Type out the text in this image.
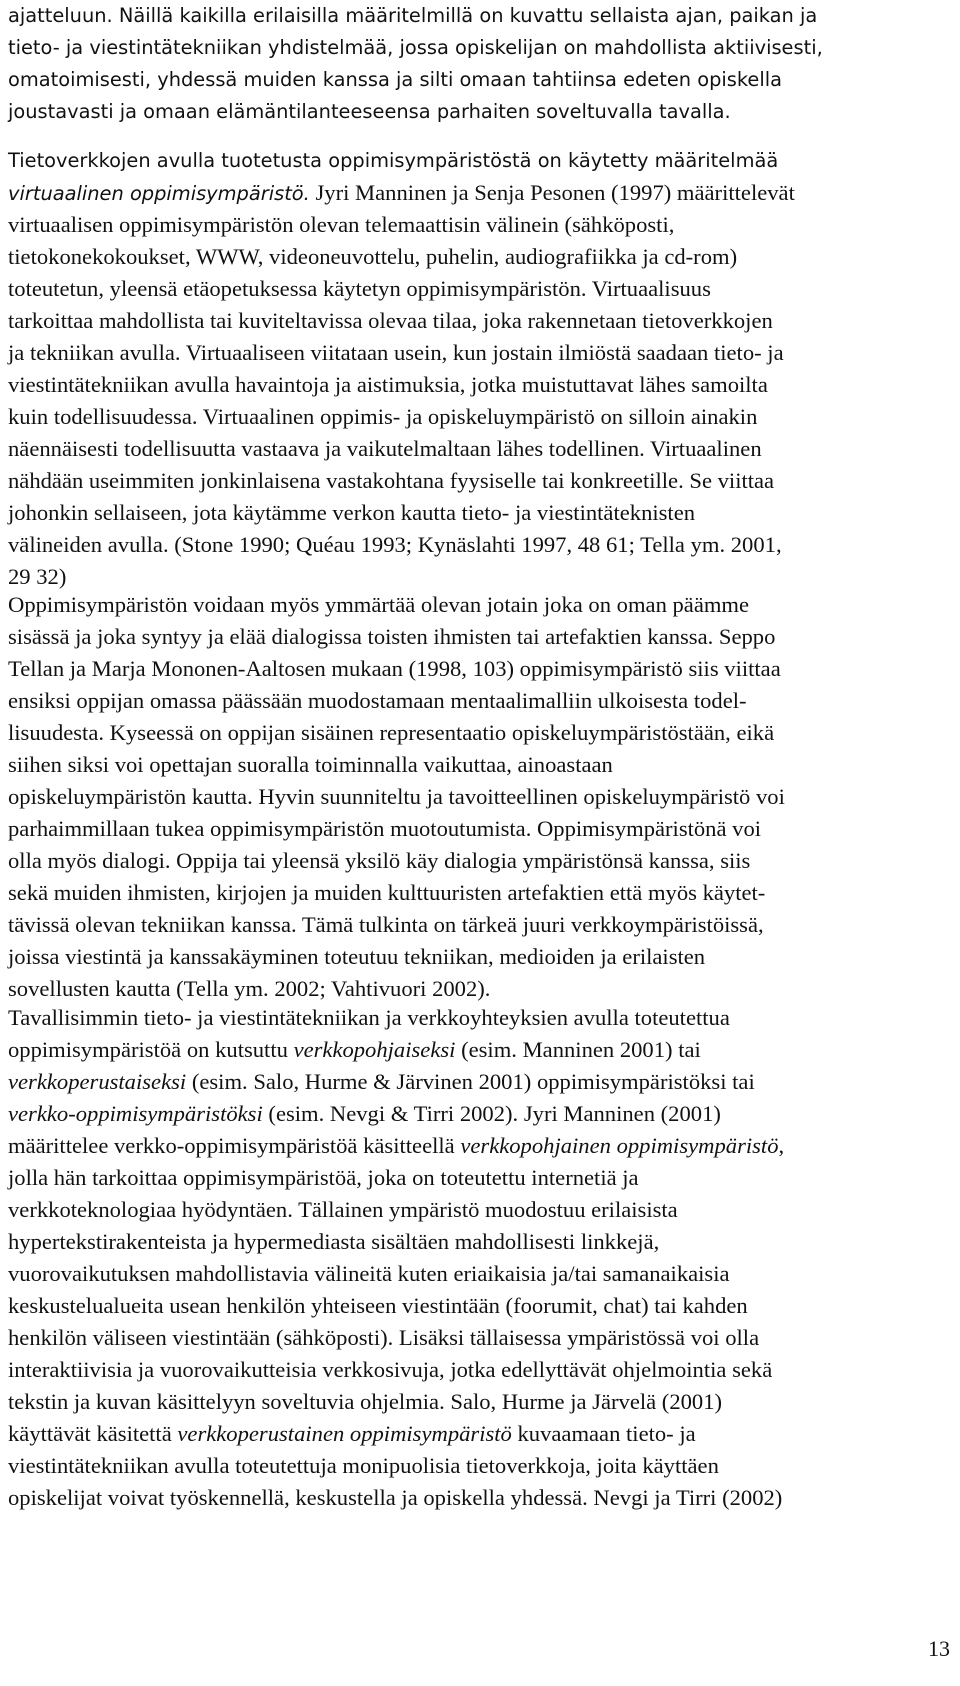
ajatteluun. Näillä kaikilla erilaisilla määritelmillä on kuvattu sellaista ajan, paikan ja
tieto- ja viestintätekniikan yhdistelmää, jossa opiskelijan on mahdollista aktiivisesti,
omatoimisesti, yhdessä muiden kanssa ja silti omaan tahtiinsa edeten opiskella
joustavasti ja omaan elämäntilanteeseensa parhaiten soveltuvalla tavalla.
Tietoverkkojen avulla tuotetusta oppimisympäristöstä on käytetty määritelmää
virtuaalinen oppimisympäristö. Jyri Manninen ja Senja Pesonen (1997) määrittelevät
virtuaalisen oppimisympäristön olevan telemaattisin välinein (sähköposti,
tietokonekokoukset, WWW, videoneuvottelu, puhelin, audiografiikka ja cd-rom)
toteutetun, yleensä etäopetuksessa käytetyn oppimisympäristön. Virtuaalisuus
tarkoittaa mahdollista tai kuviteltavissa olevaa tilaa, joka rakennetaan tietoverkkojen
ja tekniikan avulla. Virtuaaliseen viitataan usein, kun jostain ilmiöstä saadaan tieto- ja
viestintätekniikan avulla havaintoja ja aistimuksia, jotka muistuttavat lähes samoilta
kuin todellisuudessa. Virtuaalinen oppimis- ja opiskeluympäristö on silloin ainakin
näennäisesti todellisuutta vastaava ja vaikutelmaltaan lähes todellinen. Virtuaalinen
nähdään useimmiten jonkinlaisena vastakohtana fyysiselle tai konkreetille. Se viittaa
johonkin sellaiseen, jota käytämme verkon kautta tieto- ja viestintäteknisten
välineiden avulla. (Stone 1990; Quéau 1993; Kynäslahti 1997, 48 61; Tella ym. 2001,
29 32)
Oppimisympäristön voidaan myös ymmärtää olevan jotain joka on oman päämme
sisässä ja joka syntyy ja elää dialogissa toisten ihmisten tai artefaktien kanssa. Seppo
Tellan ja Marja Mononen-Aaltosen mukaan (1998, 103) oppimisympäristö siis viittaa
ensiksi oppijan omassa päässään muodostamaan mentaalimalliin ulkoisesta todel-
lisuudesta. Kyseessä on oppijan sisäinen representaatio opiskeluympäristöstään, eikä
siihen siksi voi opettajan suoralla toiminnalla vaikuttaa, ainoastaan
opiskeluympäristön kautta. Hyvin suunniteltu ja tavoitteellinen opiskeluympäristö voi
parhaimmillaan tukea oppimisympäristön muotoutumista. Oppimisympäristönä voi
olla myös dialogi. Oppija tai yleensä yksilö käy dialogia ympäristönsä kanssa, siis
sekä muiden ihmisten, kirjojen ja muiden kulttuuristen artefaktien että myös käytet-
tävissä olevan tekniikan kanssa. Tämä tulkinta on tärkeä juuri verkkoympäristöissä,
joissa viestintä ja kanssakäyminen toteutuu tekniikan, medioiden ja erilaisten
sovellusten kautta (Tella ym. 2002; Vahtivuori 2002).
Tavallisimmin tieto- ja viestintätekniikan ja verkkoyhteyksien avulla toteutettua
oppimisympäristöä on kutsuttu verkkopohjaiseksi (esim. Manninen 2001) tai
verkkoperustaiseksi (esim. Salo, Hurme & Järvinen 2001) oppimisympäristöksi tai
verkko-oppimisympäristöksi (esim. Nevgi & Tirri 2002). Jyri Manninen (2001)
määrittelee verkko-oppimisympäristöä käsitteellä verkkopohjainen oppimisympäristö,
jolla hän tarkoittaa oppimisympäristöä, joka on toteutettu internetiä ja
verkkoteknologiaa hyödyntäen. Tällainen ympäristö muodostuu erilaisista
hypertekstirakenteista ja hypermediasta sisältäen mahdollisesti linkkejä,
vuorovaikutuksen mahdollistavia välineitä kuten eriaikaisia ja/tai samanaikaisia
keskustelualueita usean henkilön yhteiseen viestintään (foorumit, chat) tai kahden
henkilön väliseen viestintään (sähköposti). Lisäksi tällaisessa ympäristössä voi olla
interaktiivisia ja vuorovaikutteisia verkkosivuja, jotka edellyttävät ohjelmointia sekä
tekstin ja kuvan käsittelyyn soveltuvia ohjelmia. Salo, Hurme ja Järvelä (2001)
käyttävät käsitettä verkkoperustainen oppimisympäristö kuvaamaan tieto- ja
viestintätekniikan avulla toteutettuja monipuolisia tietoverkkoja, joita käyttäen
opiskelijat voivat työskennellä, keskustella ja opiskella yhdessä. Nevgi ja Tirri (2002)
13
